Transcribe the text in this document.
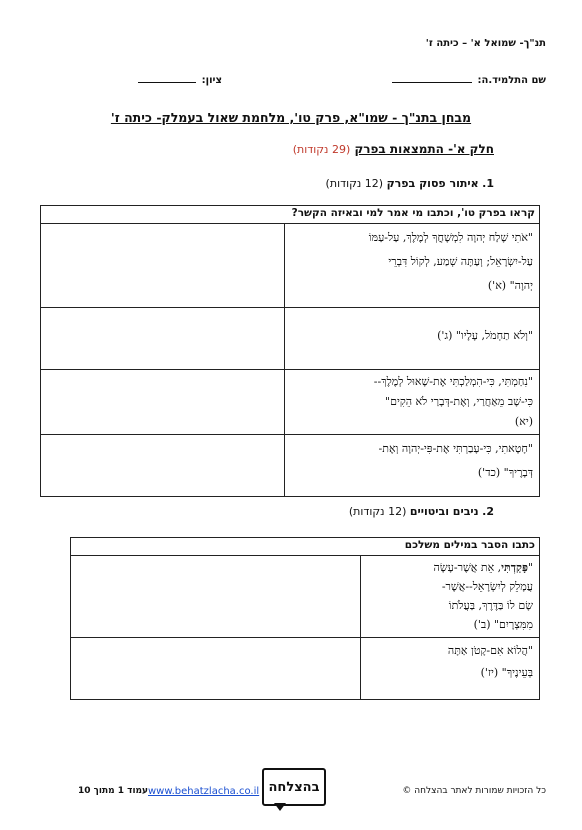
תנ"ך- שמואל א' – כיתה ז'
שם התלמיד.ה:
ציון:
מבחן בתנ"ך - שמו"א, פרק טו', מלחמת שאול בעמלק- כיתה ז'
חלק א'- התמצאות בפרק (29 נקודות)
1. איתור פסוק בפרק (12 נקודות)
קראו בפרק טו', וכתבו מי אמר למי ובאיזה הקשר?	

"אֹתִי שָׁלַח יְהוָה לִמְשָׁחֳךָ לְמֶלֶךְ, עַל-עַמּוֹ
עַל-יִשְׂרָאֵל; וְעַתָּה שְׁמַע, לְקוֹל דִּבְרֵי
יְהוָה" (א')	

"וְלֹא תַחְמֹל, עָלָיו" (ג')	

"נִחַמְתִּי, כִּי-הִמְלַכְתִּי אֶת-שָׁאוּל לְמֶלֶךְ--
כִּי-שָׁב מֵאַחֲרַי, וְאֶת-דְּבָרַי לֹא הֵקִים"
(יא)	

"חָטָאתִי, כִּי-עָבַרְתִּי אֶת-פִּי-יְהוָה וְאֶת-
דְּבָרֶיךָ" (כד')	

2. ניבים וביטויים (12 נקודות)
כתבו הסבר במילים משלכם	

"פָּקַדְתִּי, אֵת אֲשֶׁר-עָשָׂה
עֲמָלֵק לְיִשְׂרָאֵל--אֲשֶׁר-
שָׂם לוֹ בַּדֶּרֶךְ, בַּעֲלֹתוֹ
מִמִּצְרָיִם" (ב')	

"הֲלוֹא אִם-קָטֹן אַתָּה
בְּעֵינֶיךָ" (יז')	

כל הזכויות שמורות לאתר בהצלחה ©
בהצלחה
www.behatzlacha.co.il
עמוד 1 מתוך 10
